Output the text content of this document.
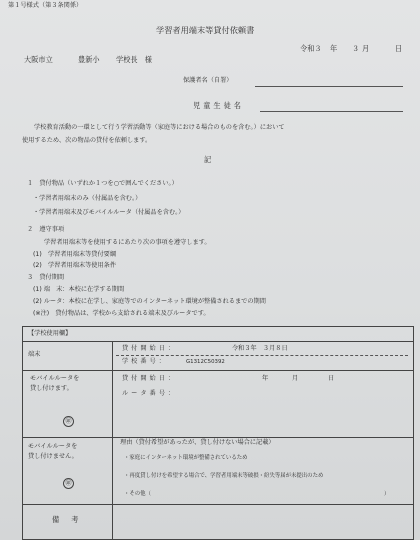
第１号様式（第３条関係）
学習者用端末等貸付依頼書
令和３ 年 ３ 月	日
大阪市立	豊新小 学校長　様
保護者名（自署）
児童生徒名
学校教育活動の一環として行う学習活動等（家庭等における場合のものを含む。）において
使用するため、次の物品の貸付を依頼します。
記
１　貸付物品（いずれか１つを○で囲んでください。）
・学習者用端末のみ（付属品を含む。）
・学習者用端末及びモバイルルータ（付属品を含む。）
２　遵守事項
学習者用端末等を使用するにあたり次の事項を遵守します。
(1)　学習者用端末等貸付要綱
(2)　学習者用端末等使用条件
３　貸付期間
(1) 端　末：本校に在学する期間
(2) ルータ：本校に在学し、家庭等でのインターネット環境が整備されるまでの期間
(※注)　貸付物品は、学校から支給される端末及びルータです。
【学校使用欄】
端末
貸付開始日：	令和３年　３月８日
学校番号：	G1312C50392
モバイルルータを
貸し付けます。
㊞
貸付開始日：	年	月	日
ルータ番号：
モバイルルータを
貸し付けません。
㊞
理由（貸付希望があったが、貸し付けない場合に記載）
・家庭にインターネット環境が整備されているため
・再度貸し付けを希望する場合で、学習者用端末等破損・紛失等届が未提出のため
・その他（	）
備考
